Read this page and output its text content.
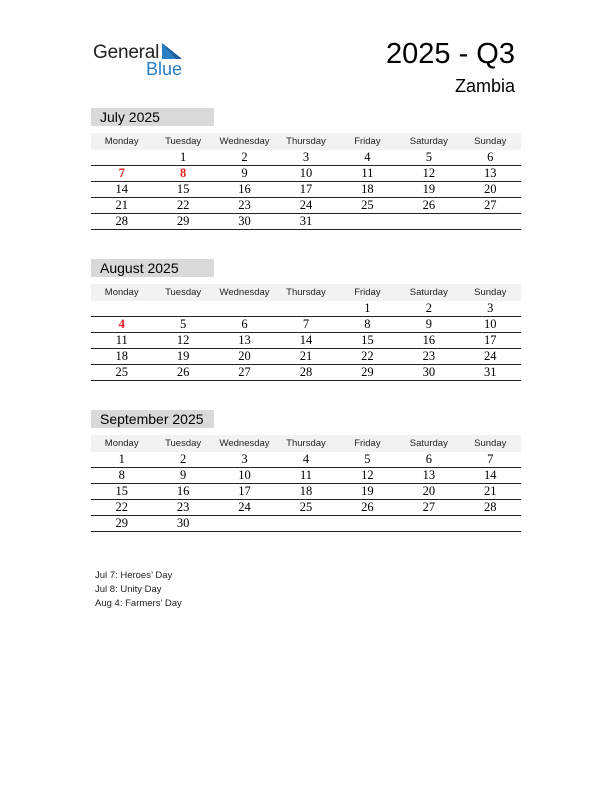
General
Blue	2025 - Q3
Zambia
July 2025
Monday	Tuesday	Wednesday	Thursday	Friday	Saturday	Sunday
	1	2	3	4	5	6
7	8	9	10	11	12	13
14	15	16	17	18	19	20
21	22	23	24	25	26	27
28	29	30	31			
August 2025
Monday	Tuesday	Wednesday	Thursday	Friday	Saturday	Sunday
				1	2	3
4	5	6	7	8	9	10
11	12	13	14	15	16	17
18	19	20	21	22	23	24
25	26	27	28	29	30	31
September 2025
Monday	Tuesday	Wednesday	Thursday	Friday	Saturday	Sunday
1	2	3	4	5	6	7
8	9	10	11	12	13	14
15	16	17	18	19	20	21
22	23	24	25	26	27	28
29	30					
Jul 7: Heroes’ Day
Jul 8: Unity Day
Aug 4: Farmers’ Day
